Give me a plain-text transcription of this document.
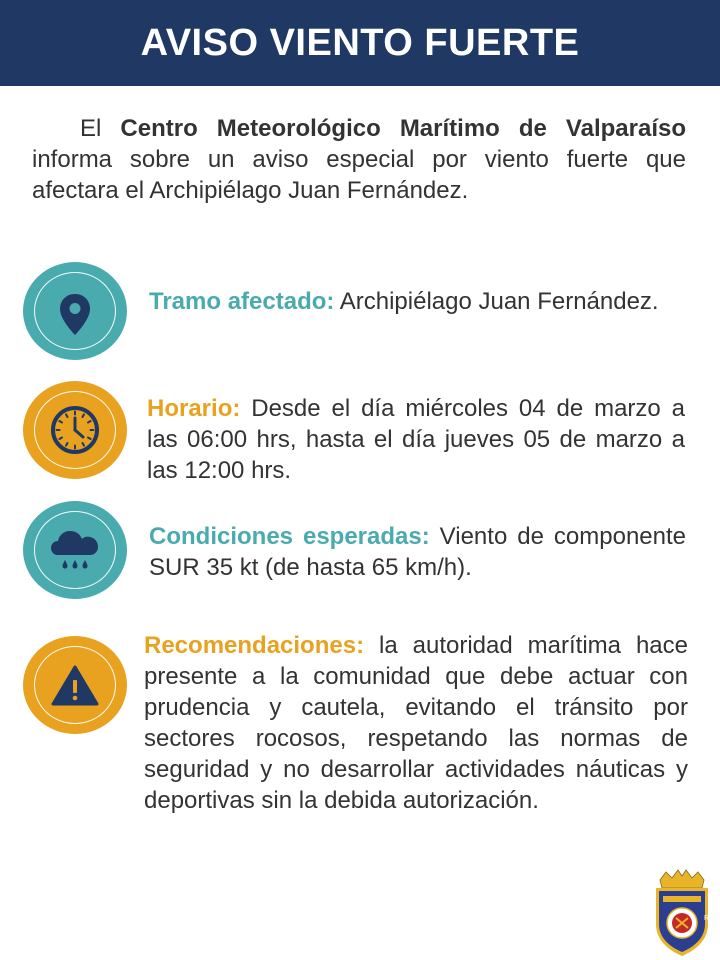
AVISO VIENTO FUERTE

El Centro Meteorológico Marítimo de Valparaíso informa sobre un aviso especial por viento fuerte que afectara el Archipiélago Juan Fernández.

Tramo afectado: Archipiélago Juan Fernández.
Horario: Desde el día miércoles 04 de marzo a las 06:00 hrs, hasta el día jueves 05 de marzo a las 12:00 hrs.
Condiciones esperadas: Viento de componente SUR 35 kt (de hasta 65 km/h).
Recomendaciones: la autoridad marítima hace presente a la comunidad que debe actuar con prudencia y cautela, evitando el tránsito por sectores rocosos, respetando las normas de seguridad y no desarrollar actividades náuticas y deportivas sin la debida autorización.
RJ
